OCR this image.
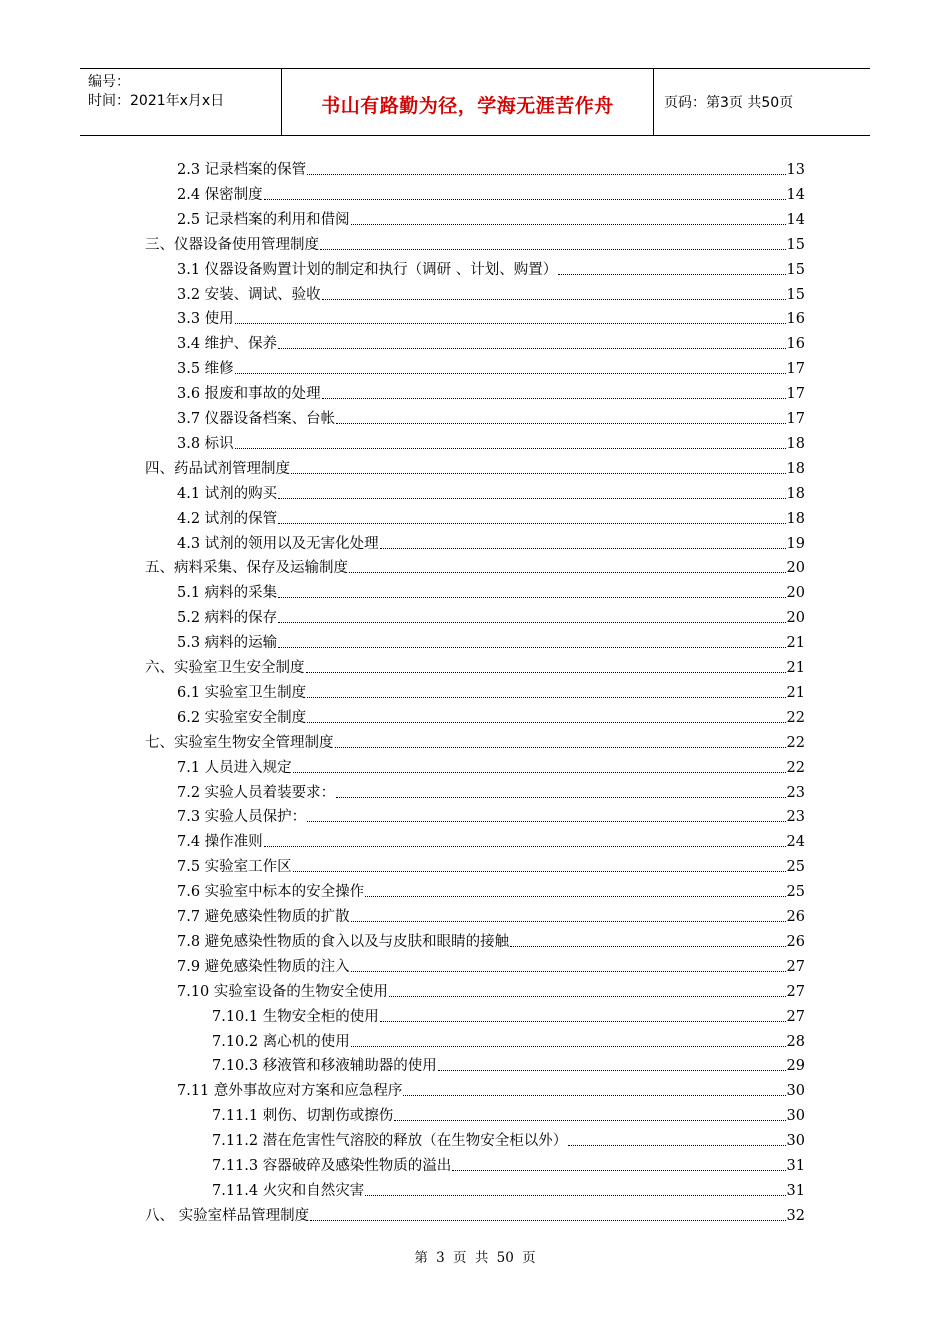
编号：
时间：2021年x月x日	书山有路勤为径，学海无涯苦作舟	页码：第3页 共50页
2.3 记录档案的保管	13
2.4 保密制度	14
2.5 记录档案的利用和借阅	14
三、仪器设备使用管理制度	15
3.1 仪器设备购置计划的制定和执行（调研 、计划、购置）	15
3.2 安装、调试、验收	15
3.3 使用	16
3.4 维护、保养	16
3.5 维修	17
3.6 报废和事故的处理	17
3.7 仪器设备档案、台帐	17
3.8 标识	18
四、药品试剂管理制度	18
4.1 试剂的购买	18
4.2 试剂的保管	18
4.3 试剂的领用以及无害化处理	19
五、病料采集、保存及运输制度	20
5.1 病料的采集	20
5.2 病料的保存	20
5.3 病料的运输	21
六、实验室卫生安全制度	21
6.1 实验室卫生制度	21
6.2 实验室安全制度	22
七、实验室生物安全管理制度	22
7.1 人员进入规定	22
7.2 实验人员着装要求：	23
7.3 实验人员保护：	23
7.4 操作准则	24
7.5 实验室工作区	25
7.6 实验室中标本的安全操作	25
7.7 避免感染性物质的扩散	26
7.8 避免感染性物质的食入以及与皮肤和眼睛的接触	26
7.9 避免感染性物质的注入	27
7.10 实验室设备的生物安全使用	27
7.10.1 生物安全柜的使用	27
7.10.2 离心机的使用	28
7.10.3 移液管和移液辅助器的使用	29
7.11 意外事故应对方案和应急程序	30
7.11.1 刺伤、切割伤或擦伤	30
7.11.2 潜在危害性气溶胶的释放（在生物安全柜以外）	30
7.11.3 容器破碎及感染性物质的溢出	31
7.11.4 火灾和自然灾害	31
八、 实验室样品管理制度	32
第 3 页 共 50 页
